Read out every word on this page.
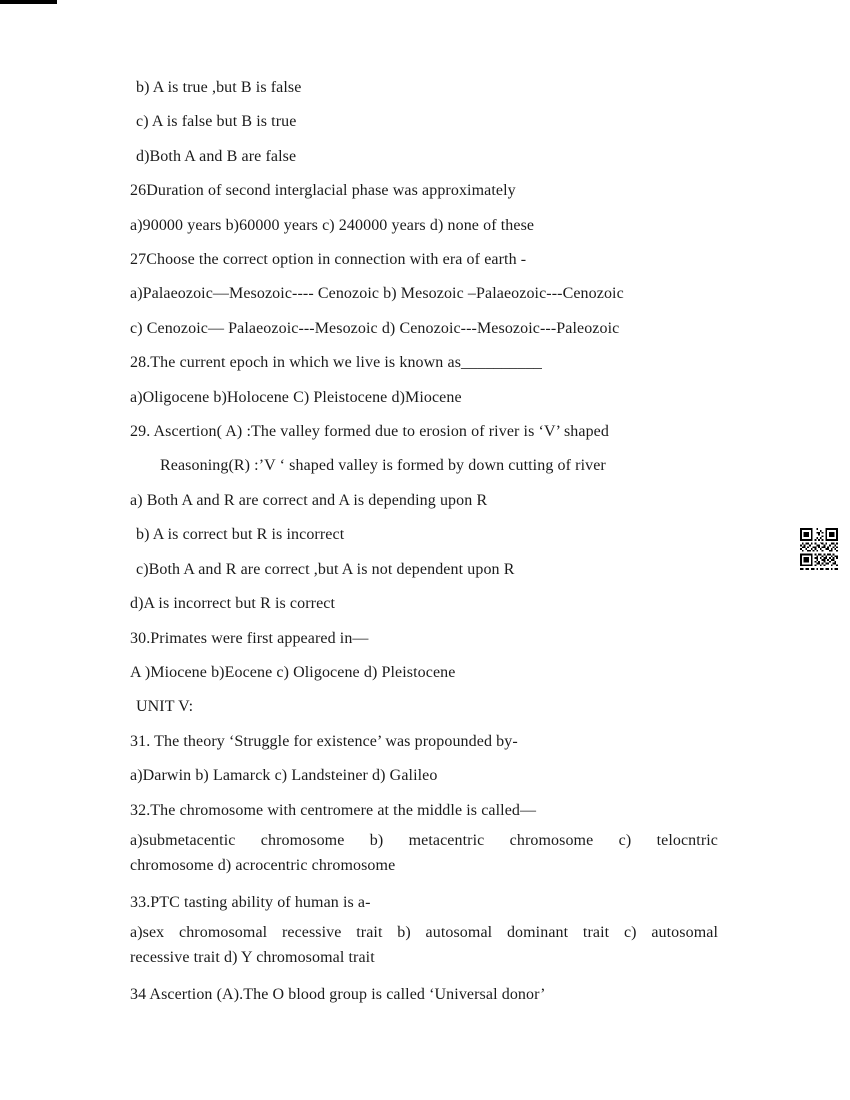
b) A is true ,but B is false

c) A is false but B is true

d)Both A and B are false

26Duration of second interglacial phase was approximately

a)90000 years b)60000 years c) 240000 years d) none of these

27Choose the correct option in connection with era of earth -

a)Palaeozoic—Mesozoic---- Cenozoic b) Mesozoic –Palaeozoic---Cenozoic

c) Cenozoic— Palaeozoic---Mesozoic d) Cenozoic---Mesozoic---Paleozoic

28.The current epoch in which we live is known as__________

a)Oligocene b)Holocene C) Pleistocene d)Miocene

29. Ascertion( A) :The valley formed due to erosion of river is ‘V’ shaped

Reasoning(R) :’V ‘ shaped valley is formed by down cutting of river

a) Both A and R are correct and A is depending upon R

b) A is correct but R is incorrect

c)Both A and R are correct ,but A is not dependent upon R

d)A is incorrect but R is correct

30.Primates were first appeared in—

A )Miocene b)Eocene c) Oligocene d) Pleistocene

UNIT V:

31. The theory ‘Struggle for existence’ was propounded by-

a)Darwin b) Lamarck c) Landsteiner d) Galileo

32.The chromosome with centromere at the middle is called—

a)submetacentic chromosome b) metacentric chromosome c) telocntric

chromosome d) acrocentric chromosome

33.PTC tasting ability of human is a-

a)sex chromosomal recessive trait b) autosomal dominant trait c) autosomal

recessive trait d) Y chromosomal trait

34 Ascertion (A).The O blood group is called ‘Universal donor’
